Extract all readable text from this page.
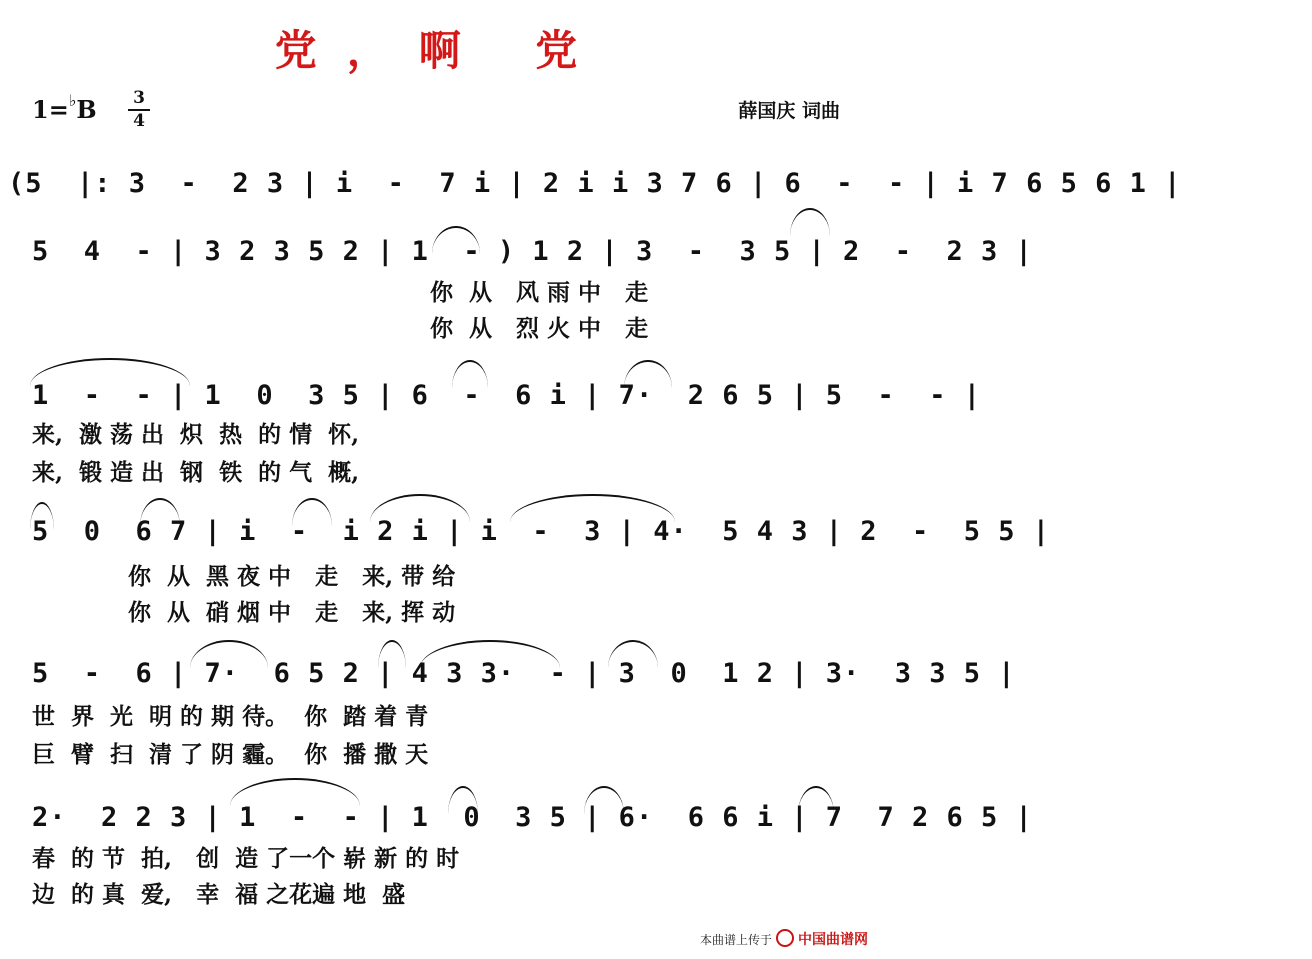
党，啊 党
1=♭B 3
4	薛国庆 词曲
(5  |: 3  -  2 3 | i  -  7 i | 2 i i 3 7 6 | 6  -  - | i 7 6 5 6 1 |
5  4  - | 3 2 3 5 2 | 1  - ) 1 2 | 3  -  3 5 | 2  -  2 3 |
你  从   风 雨 中   走
你  从   烈 火 中   走
1  -  - | 1  0  3 5 | 6  -  6 i | 7·  2 6 5 | 5  -  - |
来,  激 荡 出  炽  热  的 情  怀,
来,  锻 造 出  钢  铁  的 气  概,
5  0  6 7 | i  -  i 2 i | i  -  3 | 4·  5 4 3 | 2  -  5 5 |
你  从  黑 夜 中   走   来, 带 给
你  从  硝 烟 中   走   来, 挥 动
5  -  6 | 7·  6 5 2 | 4 3 3·  - | 3  0  1 2 | 3·  3 3 5 |
世  界  光  明 的 期 待。  你  踏 着 青
巨  臂  扫  清 了 阴 霾。  你  播 撒 天
2·  2 2 3 | 1  -  - | 1  0  3 5 | 6·  6 6 i | 7  7 2 6 5 |
春  的 节  拍,   创  造 了一个 崭 新 的 时
边  的 真  爱,   幸  福 之花遍 地  盛
本曲谱上传于 中国曲谱网
